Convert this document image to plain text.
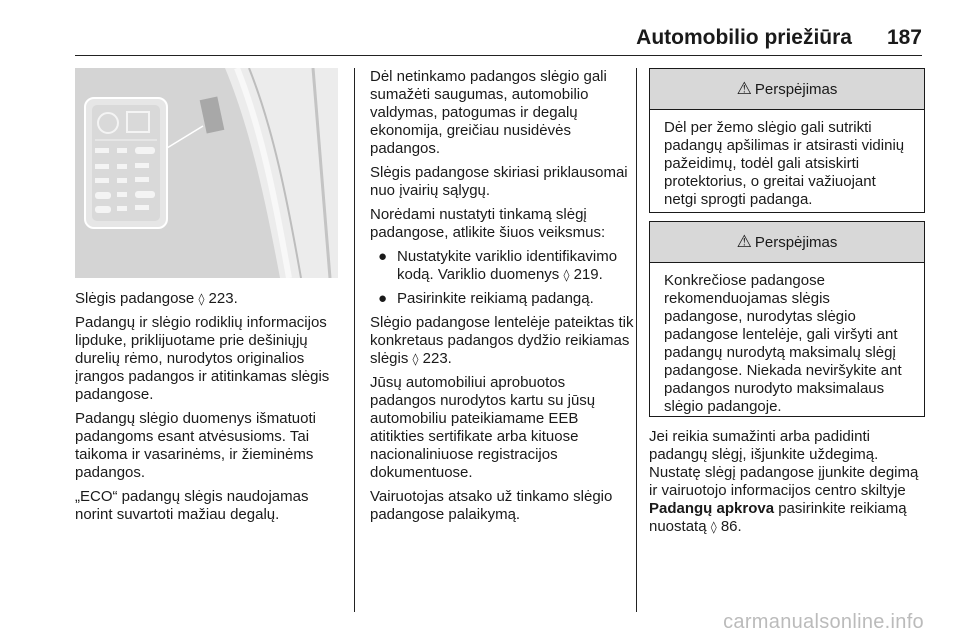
Automobilio priežiūra 187

Slėgis padangose ◊ 223.

Padangų ir slėgio rodiklių informacijos lipduke, priklijuotame prie dešiniųjų durelių rėmo, nurodytos originalios įrangos padangos ir atitinkamas slėgis padangose.

Padangų slėgio duomenys išmatuoti padangoms esant atvėsusioms. Tai taikoma ir vasarinėms, ir žieminėms padangos.

„ECO“ padangų slėgis naudojamas norint suvartoti mažiau degalų.

Dėl netinkamo padangos slėgio gali sumažėti saugumas, automobilio valdymas, patogumas ir degalų ekonomija, greičiau nusidėvės padangos.

Slėgis padangose skiriasi priklausomai nuo įvairių sąlygų.

Norėdami nustatyti tinkamą slėgį padangose, atlikite šiuos veiksmus:

● Nustatykite variklio identifikavimo kodą. Variklio duomenys ◊ 219.
● Pasirinkite reikiamą padangą.

Slėgio padangose lentelėje pateiktas tik konkretaus padangos dydžio reikiamas slėgis ◊ 223.

Jūsų automobiliui aprobuotos padangos nurodytos kartu su jūsų automobiliu pateikiamame EEB atitikties sertifikate arba kituose nacionaliniuose registracijos dokumentuose.

Vairuotojas atsako už tinkamo slėgio padangose palaikymą.

⚠ Perspėjimas
Dėl per žemo slėgio gali sutrikti padangų apšilimas ir atsirasti vidinių pažeidimų, todėl gali atsiskirti protektorius, o greitai važiuojant netgi sprogti padanga.
⚠ Perspėjimas
Konkrečiose padangose rekomenduojamas slėgis padangose, nurodytas slėgio padangose lentelėje, gali viršyti ant padangų nurodytą maksimalų slėgį padangose. Niekada neviršykite ant padangos nurodyto maksimalaus slėgio padangoje.

Jei reikia sumažinti arba padidinti padangų slėgį, išjunkite uždegimą. Nustatę slėgį padangose įjunkite degimą ir vairuotojo informacijos centro skiltyje Padangų apkrova pasirinkite reikiamą nuostatą ◊ 86.

carmanualsonline.info
